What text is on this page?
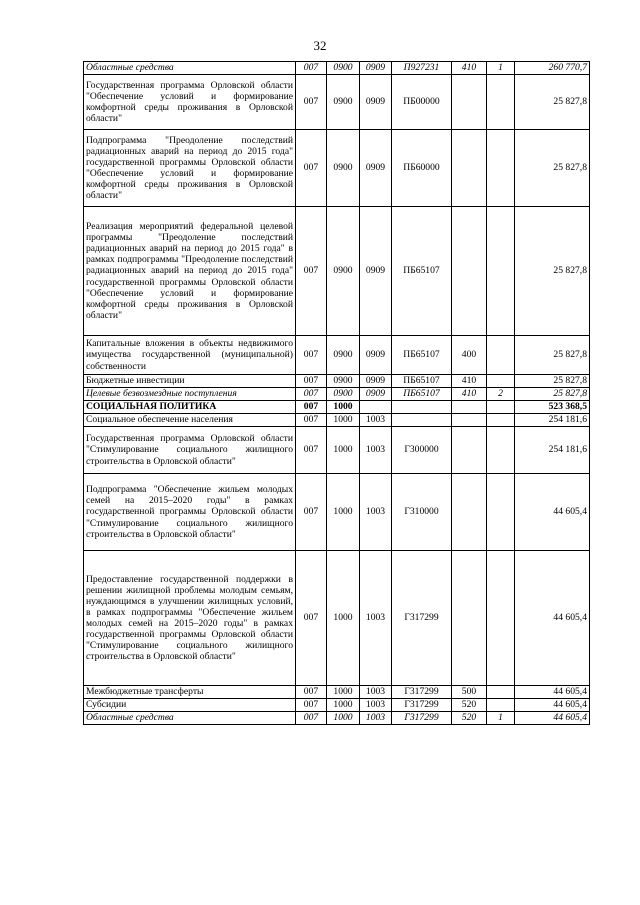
32
Областные средства	007	0900	0909	П927231	410	1	260 770,7
Государственная программа Орловской области "Обеспечение условий и формирование комфортной среды проживания в Орловской области"	007	0900	0909	ПБ00000			25 827,8
Подпрограмма "Преодоление последствий радиационных аварий на период до 2015 года" государственной программы Орловской области "Обеспечение условий и формирование комфортной среды проживания в Орловской области"	007	0900	0909	ПБ60000			25 827,8
Реализация мероприятий федеральной целевой программы "Преодоление последствий радиационных аварий на период до 2015 года" в рамках подпрограммы "Преодоление последствий радиационных аварий на период до 2015 года" государственной программы Орловской области "Обеспечение условий и формирование комфортной среды проживания в Орловской области"	007	0900	0909	ПБ65107			25 827,8
Капитальные вложения в объекты недвижимого имущества государственной (муниципальной) собственности	007	0900	0909	ПБ65107	400		25 827,8
Бюджетные инвестиции	007	0900	0909	ПБ65107	410		25 827,8
Целевые безвозмездные поступления	007	0900	0909	ПБ65107	410	2	25 827,8
СОЦИАЛЬНАЯ ПОЛИТИКА	007	1000					523 368,5
Социальное обеспечение населения	007	1000	1003				254 181,6
Государственная программа Орловской области "Стимулирование социального жилищного строительства в Орловской области"	007	1000	1003	Г300000			254 181,6
Подпрограмма "Обеспечение жильем молодых семей на 2015–2020 годы" в рамках государственной программы Орловской области "Стимулирование социального жилищного строительства в Орловской области"	007	1000	1003	Г310000			44 605,4
Предоставление государственной поддержки в решении жилищной проблемы молодым семьям, нуждающимся в улучшении жилищных условий, в рамках подпрограммы "Обеспечение жильем молодых семей на 2015–2020 годы" в рамках государственной программы Орловской области "Стимулирование социального жилищного строительства в Орловской области"	007	1000	1003	Г317299			44 605,4
Межбюджетные трансферты	007	1000	1003	Г317299	500		44 605,4
Субсидии	007	1000	1003	Г317299	520		44 605,4
Областные средства	007	1000	1003	Г317299	520	1	44 605,4
